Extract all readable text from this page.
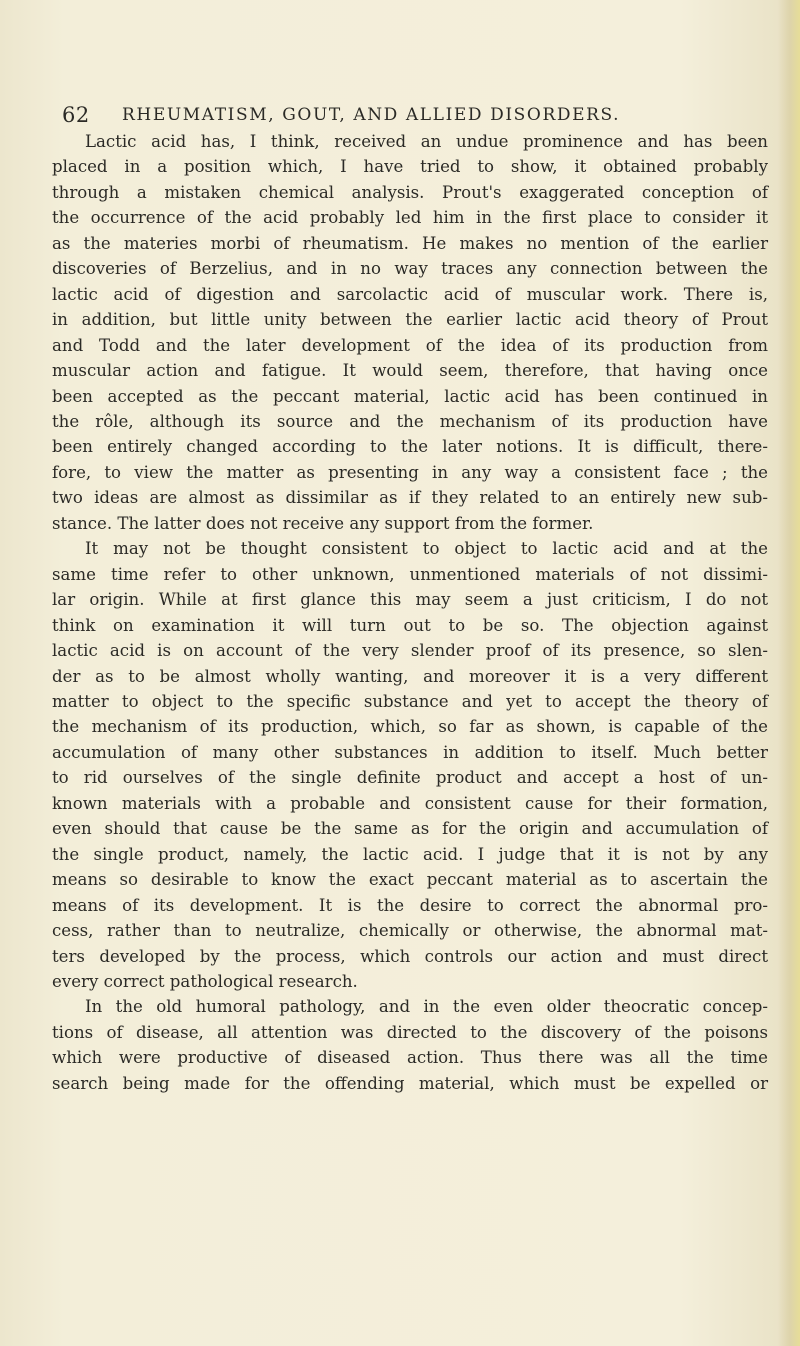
62 RHEUMATISM, GOUT, AND ALLIED DISORDERS.
Lactic acid has, I think, received an undue prominence and has been
placed in a position which, I have tried to show, it obtained probably
through a mistaken chemical analysis. Prout's exaggerated conception of
the occurrence of the acid probably led him in the first place to consider it
as the materies morbi of rheumatism. He makes no mention of the earlier
discoveries of Berzelius, and in no way traces any connection between the
lactic acid of digestion and sarcolactic acid of muscular work. There is,
in addition, but little unity between the earlier lactic acid theory of Prout
and Todd and the later development of the idea of its production from
muscular action and fatigue. It would seem, therefore, that having once
been accepted as the peccant material, lactic acid has been continued in
the rôle, although its source and the mechanism of its production have
been entirely changed according to the later notions. It is difficult, there-
fore, to view the matter as presenting in any way a consistent face ; the
two ideas are almost as dissimilar as if they related to an entirely new sub-
stance. The latter does not receive any support from the former.
It may not be thought consistent to object to lactic acid and at the
same time refer to other unknown, unmentioned materials of not dissimi-
lar origin. While at first glance this may seem a just criticism, I do not
think on examination it will turn out to be so. The objection against
lactic acid is on account of the very slender proof of its presence, so slen-
der as to be almost wholly wanting, and moreover it is a very different
matter to object to the specific substance and yet to accept the theory of
the mechanism of its production, which, so far as shown, is capable of the
accumulation of many other substances in addition to itself. Much better
to rid ourselves of the single definite product and accept a host of un-
known materials with a probable and consistent cause for their formation,
even should that cause be the same as for the origin and accumulation of
the single product, namely, the lactic acid. I judge that it is not by any
means so desirable to know the exact peccant material as to ascertain the
means of its development. It is the desire to correct the abnormal pro-
cess, rather than to neutralize, chemically or otherwise, the abnormal mat-
ters developed by the process, which controls our action and must direct
every correct pathological research.
In the old humoral pathology, and in the even older theocratic concep-
tions of disease, all attention was directed to the discovery of the poisons
which were productive of diseased action. Thus there was all the time
search being made for the offending material, which must be expelled or
